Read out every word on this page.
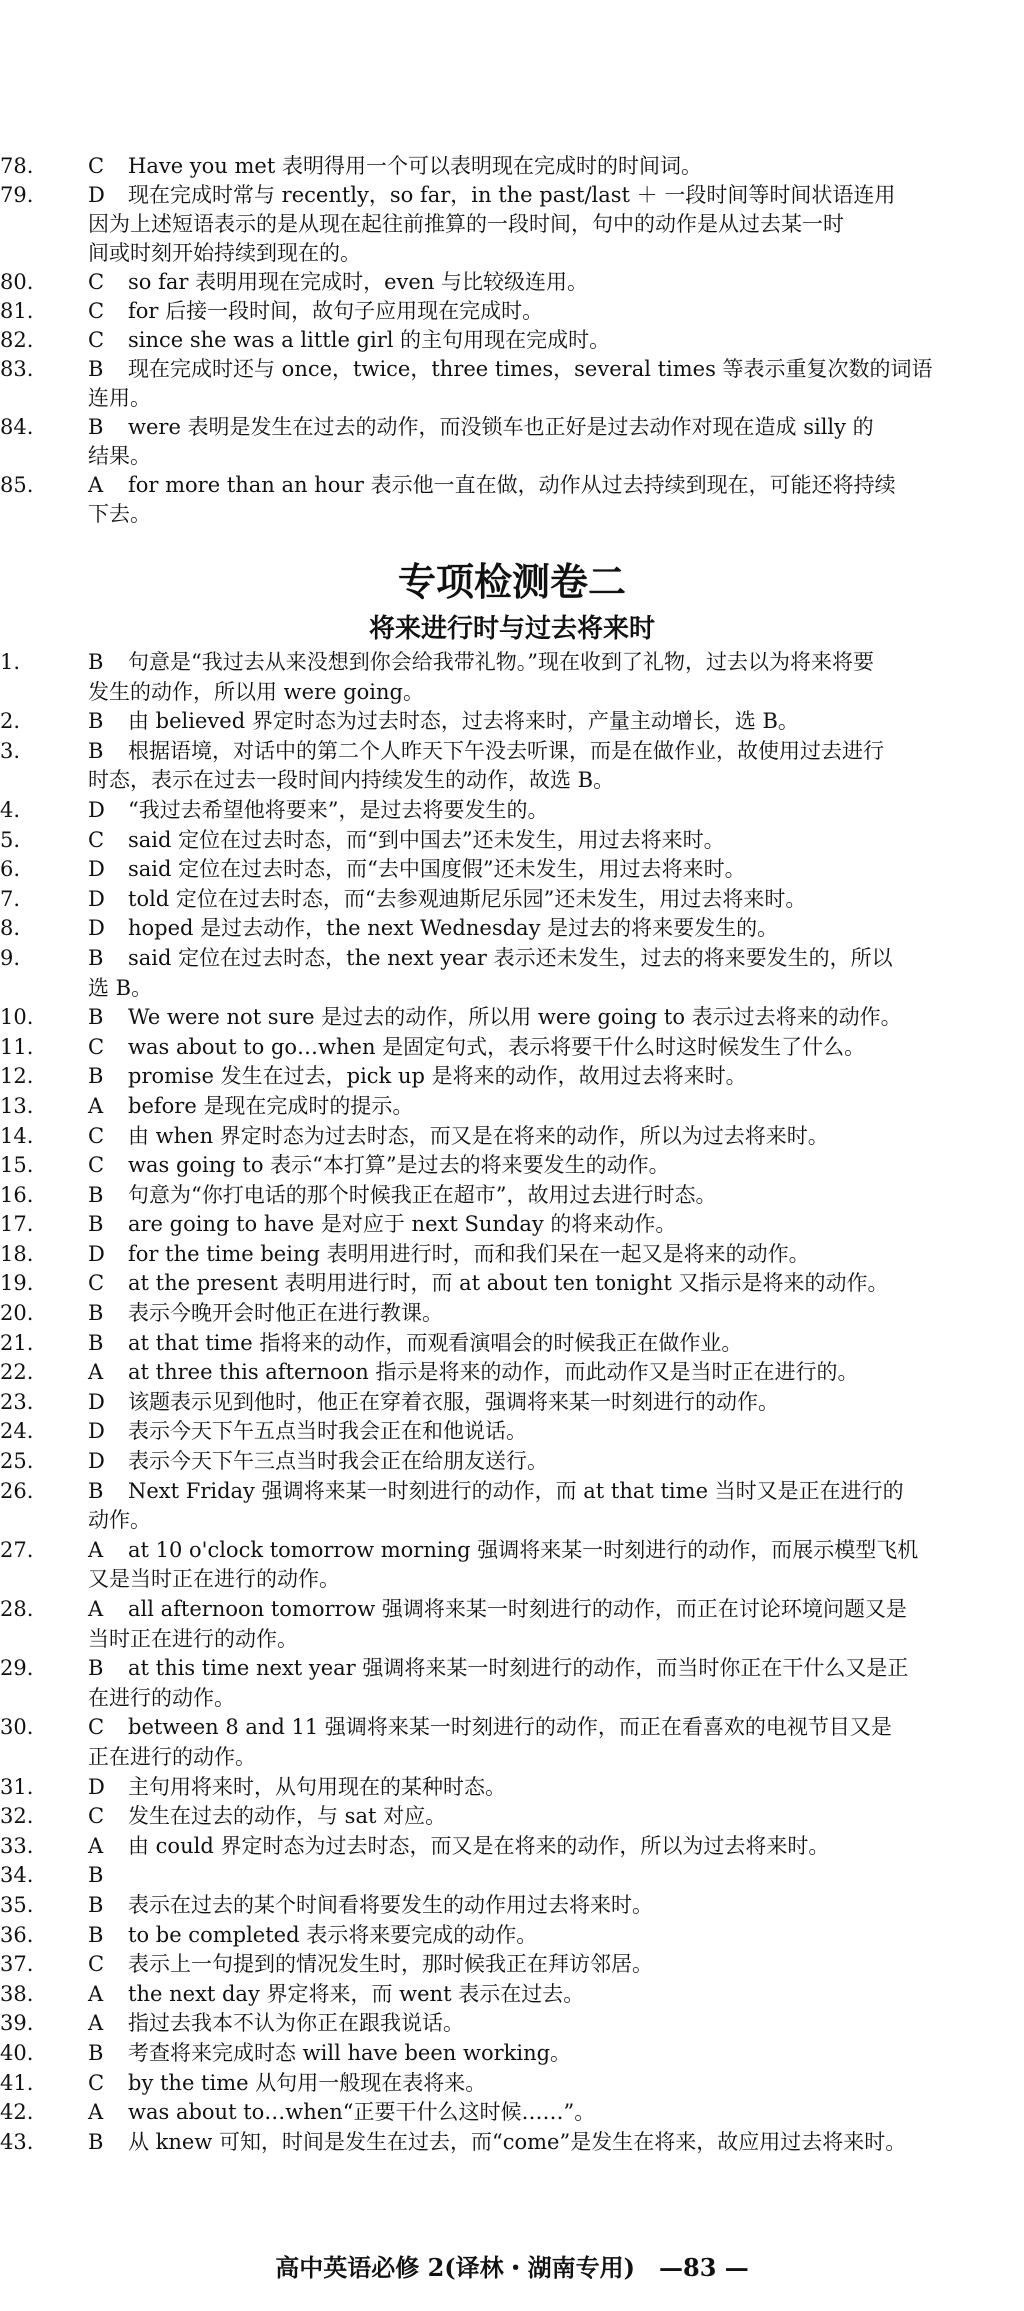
78.	C Have you met 表明得用一个可以表明现在完成时的时间词。
79.	D 现在完成时常与 recently，so far，in the past/last ＋ 一段时间等时间状语连用
因为上述短语表示的是从现在起往前推算的一段时间，句中的动作是从过去某一时
间或时刻开始持续到现在的。
80.	C so far 表明用现在完成时，even 与比较级连用。
81.	C for 后接一段时间，故句子应用现在完成时。
82.	C since she was a little girl 的主句用现在完成时。
83.	B 现在完成时还与 once，twice，three times，several times 等表示重复次数的词语
连用。
84.	B were 表明是发生在过去的动作，而没锁车也正好是过去动作对现在造成 silly 的
结果。
85.	A for more than an hour 表示他一直在做，动作从过去持续到现在，可能还将持续
下去。
专项检测卷二
将来进行时与过去将来时
1.	B 句意是“我过去从来没想到你会给我带礼物。”现在收到了礼物，过去以为将来将要
发生的动作，所以用 were going。
2.	B 由 believed 界定时态为过去时态，过去将来时，产量主动增长，选 B。
3.	B 根据语境，对话中的第二个人昨天下午没去听课，而是在做作业，故使用过去进行
时态，表示在过去一段时间内持续发生的动作，故选 B。
4.	D “我过去希望他将要来”，是过去将要发生的。
5.	C said 定位在过去时态，而“到中国去”还未发生，用过去将来时。
6.	D said 定位在过去时态，而“去中国度假”还未发生，用过去将来时。
7.	D told 定位在过去时态，而“去参观迪斯尼乐园”还未发生，用过去将来时。
8.	D hoped 是过去动作，the next Wednesday 是过去的将来要发生的。
9.	B said 定位在过去时态，the next year 表示还未发生，过去的将来要发生的，所以
选 B。
10.	B We were not sure 是过去的动作，所以用 were going to 表示过去将来的动作。
11.	C was about to go…when 是固定句式，表示将要干什么时这时候发生了什么。
12.	B promise 发生在过去，pick up 是将来的动作，故用过去将来时。
13.	A before 是现在完成时的提示。
14.	C 由 when 界定时态为过去时态，而又是在将来的动作，所以为过去将来时。
15.	C was going to 表示“本打算”是过去的将来要发生的动作。
16.	B 句意为“你打电话的那个时候我正在超市”，故用过去进行时态。
17.	B are going to have 是对应于 next Sunday 的将来动作。
18.	D for the time being 表明用进行时，而和我们呆在一起又是将来的动作。
19.	C at the present 表明用进行时，而 at about ten tonight 又指示是将来的动作。
20.	B 表示今晚开会时他正在进行教课。
21.	B at that time 指将来的动作，而观看演唱会的时候我正在做作业。
22.	A at three this afternoon 指示是将来的动作，而此动作又是当时正在进行的。
23.	D 该题表示见到他时，他正在穿着衣服，强调将来某一时刻进行的动作。
24.	D 表示今天下午五点当时我会正在和他说话。
25.	D 表示今天下午三点当时我会正在给朋友送行。
26.	B Next Friday 强调将来某一时刻进行的动作，而 at that time 当时又是正在进行的
动作。
27.	A at 10 o'clock tomorrow morning 强调将来某一时刻进行的动作，而展示模型飞机
又是当时正在进行的动作。
28.	A all afternoon tomorrow 强调将来某一时刻进行的动作，而正在讨论环境问题又是
当时正在进行的动作。
29.	B at this time next year 强调将来某一时刻进行的动作，而当时你正在干什么又是正
在进行的动作。
30.	C between 8 and 11 强调将来某一时刻进行的动作，而正在看喜欢的电视节目又是
正在进行的动作。
31.	D 主句用将来时，从句用现在的某种时态。
32.	C 发生在过去的动作，与 sat 对应。
33.	A 由 could 界定时态为过去时态，而又是在将来的动作，所以为过去将来时。
34.	B
35.	B 表示在过去的某个时间看将要发生的动作用过去将来时。
36.	B to be completed 表示将来要完成的动作。
37.	C 表示上一句提到的情况发生时，那时候我正在拜访邻居。
38.	A the next day 界定将来，而 went 表示在过去。
39.	A 指过去我本不认为你正在跟我说话。
40.	B 考查将来完成时态 will have been working。
41.	C by the time 从句用一般现在表将来。
42.	A was about to…when“正要干什么这时候……”。
43.	B 从 knew 可知，时间是发生在过去，而“come”是发生在将来，故应用过去将来时。
高中英语必修 2(译林・湖南专用)　—83 —
